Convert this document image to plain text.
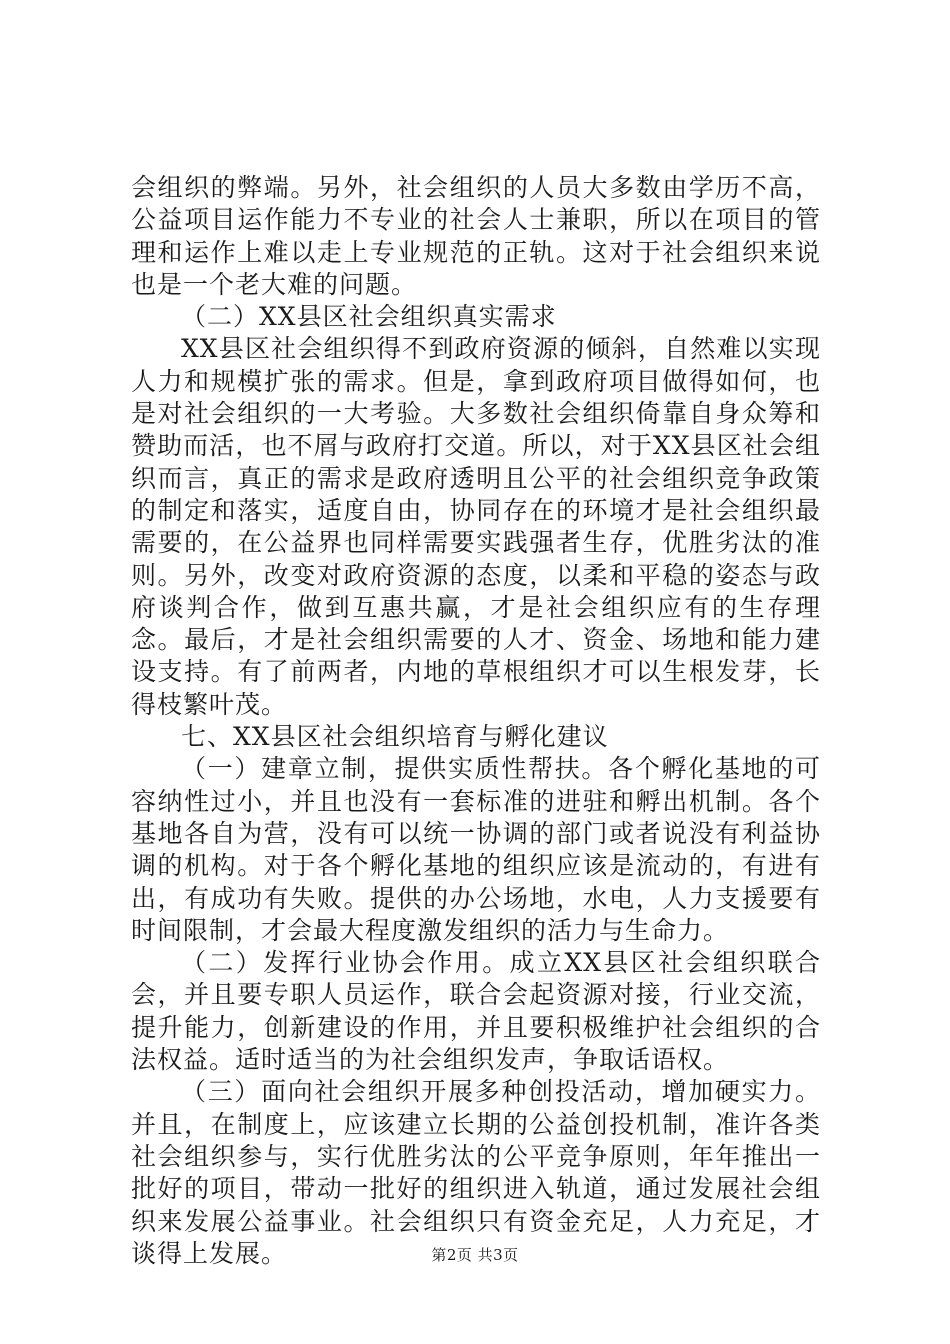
会组织的弊端。另外，社会组织的人员大多数由学历不高，公益项目运作能力不专业的社会人士兼职，所以在项目的管理和运作上难以走上专业规范的正轨。这对于社会组织来说也是一个老大难的问题。

（二）XX县区社会组织真实需求

XX县区社会组织得不到政府资源的倾斜，自然难以实现人力和规模扩张的需求。但是，拿到政府项目做得如何，也是对社会组织的一大考验。大多数社会组织倚靠自身众筹和赞助而活，也不屑与政府打交道。所以，对于XX县区社会组织而言，真正的需求是政府透明且公平的社会组织竞争政策的制定和落实，适度自由，协同存在的环境才是社会组织最需要的，在公益界也同样需要实践强者生存，优胜劣汰的准则。另外，改变对政府资源的态度，以柔和平稳的姿态与政府谈判合作，做到互惠共赢，才是社会组织应有的生存理念。最后，才是社会组织需要的人才、资金、场地和能力建设支持。有了前两者，内地的草根组织才可以生根发芽，长得枝繁叶茂。

七、XX县区社会组织培育与孵化建议

（一）建章立制，提供实质性帮扶。各个孵化基地的可容纳性过小，并且也没有一套标准的进驻和孵出机制。各个基地各自为营，没有可以统一协调的部门或者说没有利益协调的机构。对于各个孵化基地的组织应该是流动的，有进有出，有成功有失败。提供的办公场地，水电，人力支援要有时间限制，才会最大程度激发组织的活力与生命力。

（二）发挥行业协会作用。成立XX县区社会组织联合会，并且要专职人员运作，联合会起资源对接，行业交流，提升能力，创新建设的作用，并且要积极维护社会组织的合法权益。适时适当的为社会组织发声，争取话语权。

（三）面向社会组织开展多种创投活动，增加硬实力。并且，在制度上，应该建立长期的公益创投机制，准许各类社会组织参与，实行优胜劣汰的公平竞争原则，年年推出一批好的项目，带动一批好的组织进入轨道，通过发展社会组织来发展公益事业。社会组织只有资金充足，人力充足，才谈得上发展。	第2页 共3页
